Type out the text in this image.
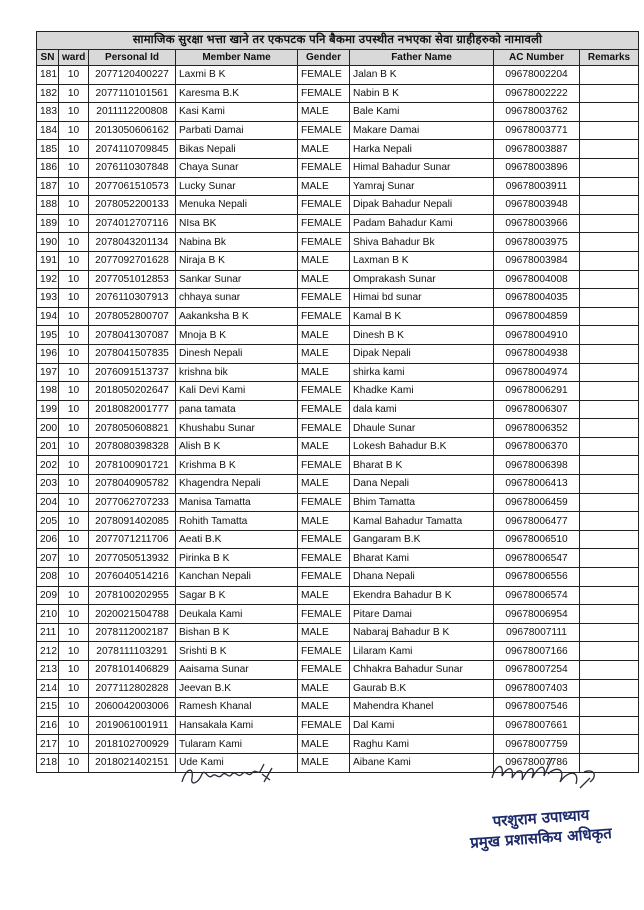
सामाजिक सुरक्षा भत्ता खाने तर एकपटक पनि बैकमा उपस्थीत नभएका सेवा ग्राहीहरुको नामावली							
SN	ward	Personal Id	Member Name	Gender	Father Name	AC Number	Remarks
181	10	2077120400227	Laxmi B K	FEMALE	Jalan B K	09678002204	
182	10	2077110101561	Karesma B.K	FEMALE	Nabin B K	09678002222	
183	10	2011112200808	Kasi Kami	MALE	Bale Kami	09678003762	
184	10	2013050606162	Parbati Damai	FEMALE	Makare Damai	09678003771	
185	10	2074110709845	Bikas Nepali	MALE	Harka Nepali	09678003887	
186	10	2076110307848	Chaya Sunar	FEMALE	Himal Bahadur Sunar	09678003896	
187	10	2077061510573	Lucky Sunar	MALE	Yamraj Sunar	09678003911	
188	10	2078052200133	Menuka Nepali	FEMALE	Dipak Bahadur Nepali	09678003948	
189	10	2074012707116	NIsa BK	FEMALE	Padam Bahadur Kami	09678003966	
190	10	2078043201134	Nabina Bk	FEMALE	Shiva Bahadur Bk	09678003975	
191	10	2077092701628	Niraja B K	MALE	Laxman B K	09678003984	
192	10	2077051012853	Sankar Sunar	MALE	Omprakash Sunar	09678004008	
193	10	2076110307913	chhaya sunar	FEMALE	Himai bd sunar	09678004035	
194	10	2078052800707	Aakanksha B K	FEMALE	Kamal B K	09678004859	
195	10	2078041307087	Mnoja B K	MALE	Dinesh B K	09678004910	
196	10	2078041507835	Dinesh Nepali	MALE	Dipak Nepali	09678004938	
197	10	2076091513737	krishna bik	MALE	shirka kami	09678004974	
198	10	2018050202647	Kali Devi Kami	FEMALE	Khadke Kami	09678006291	
199	10	2018082001777	pana tamata	FEMALE	dala kami	09678006307	
200	10	2078050608821	Khushabu Sunar	FEMALE	Dhaule Sunar	09678006352	
201	10	2078080398328	Alish B K	MALE	Lokesh Bahadur B.K	09678006370	
202	10	2078100901721	Krishma B K	FEMALE	Bharat B K	09678006398	
203	10	2078040905782	Khagendra Nepali	MALE	Dana Nepali	09678006413	
204	10	2077062707233	Manisa Tamatta	FEMALE	Bhim Tamatta	09678006459	
205	10	2078091402085	Rohith Tamatta	MALE	Kamal Bahadur Tamatta	09678006477	
206	10	2077071211706	Aeati B.K	FEMALE	Gangaram B.K	09678006510	
207	10	2077050513932	Pirinka B K	FEMALE	Bharat Kami	09678006547	
208	10	2076040514216	Kanchan Nepali	FEMALE	Dhana Nepali	09678006556	
209	10	2078100202955	Sagar B K	MALE	Ekendra Bahadur B K	09678006574	
210	10	2020021504788	Deukala Kami	FEMALE	Pitare Damai	09678006954	
211	10	2078112002187	Bishan B K	MALE	Nabaraj Bahadur B K	09678007111	
212	10	2078111103291	Srishti B K	FEMALE	Lilaram Kami	09678007166	
213	10	2078101406829	Aaisama Sunar	FEMALE	Chhakra Bahadur Sunar	09678007254	
214	10	2077112802828	Jeevan B.K	MALE	Gaurab B.K	09678007403	
215	10	2060042003006	Ramesh Khanal	MALE	Mahendra Khanel	09678007546	
216	10	2019061001911	Hansakala Kami	FEMALE	Dal Kami	09678007661	
217	10	2018102700929	Tularam Kami	MALE	Raghu Kami	09678007759	
218	10	2018021402151	Ude Kami	MALE	Aibane Kami	09678007786	
परशुराम उपाध्याय
प्रमुख प्रशासकिय अधिकृत
